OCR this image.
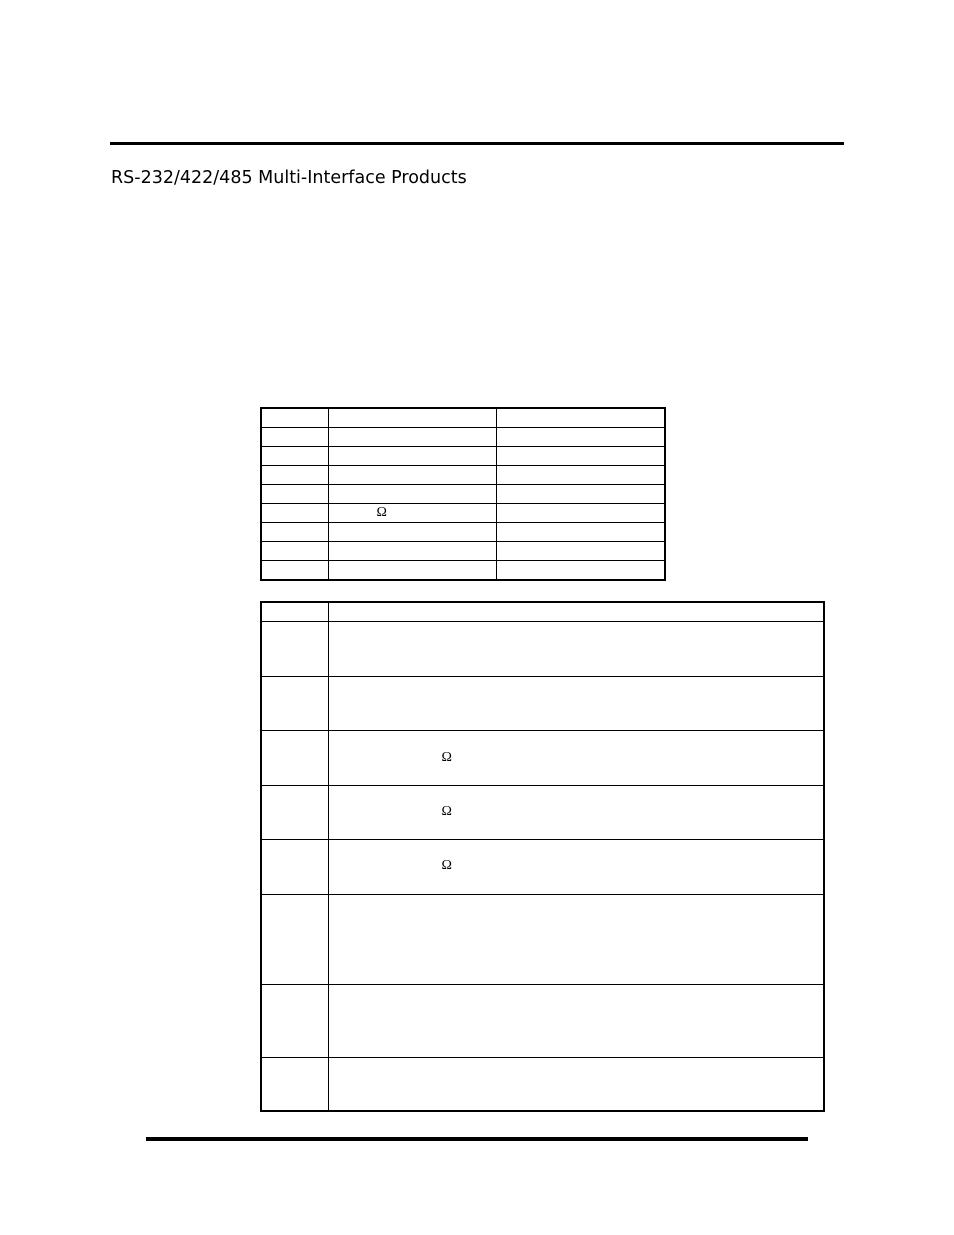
RS-232/422/485 Multi-Interface Products

	Ω	

	Ω

	Ω

	Ω
